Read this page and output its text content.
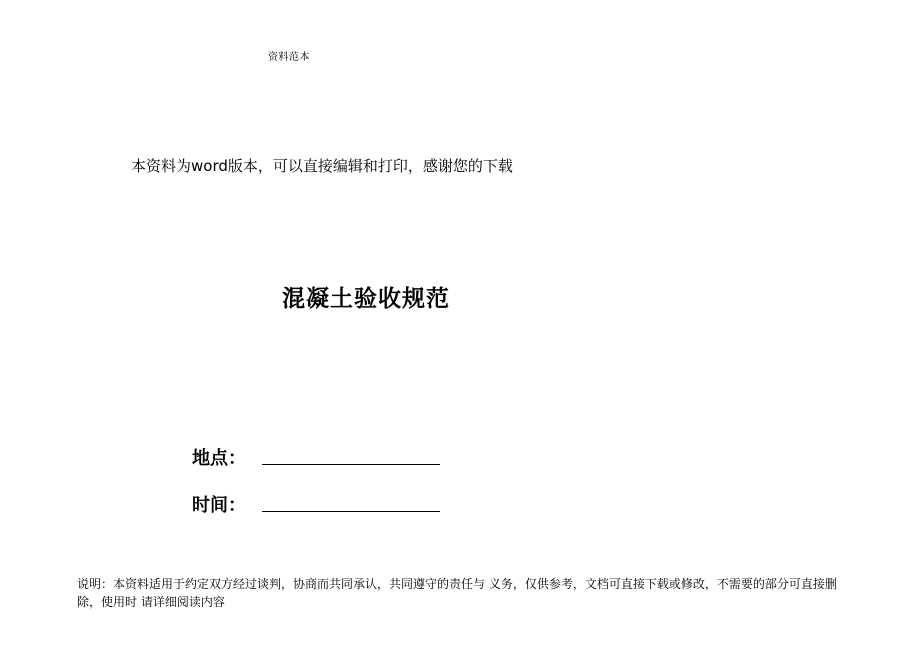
资料范本
本资料为word版本，可以直接编辑和打印，感谢您的下载
混凝土验收规范
地点：
时间：
说明：本资料适用于约定双方经过谈判，协商而共同承认，共同遵守的责任与 义务，仅供参考，文档可直接下载或修改，不需要的部分可直接删除，使用时 请详细阅读内容
